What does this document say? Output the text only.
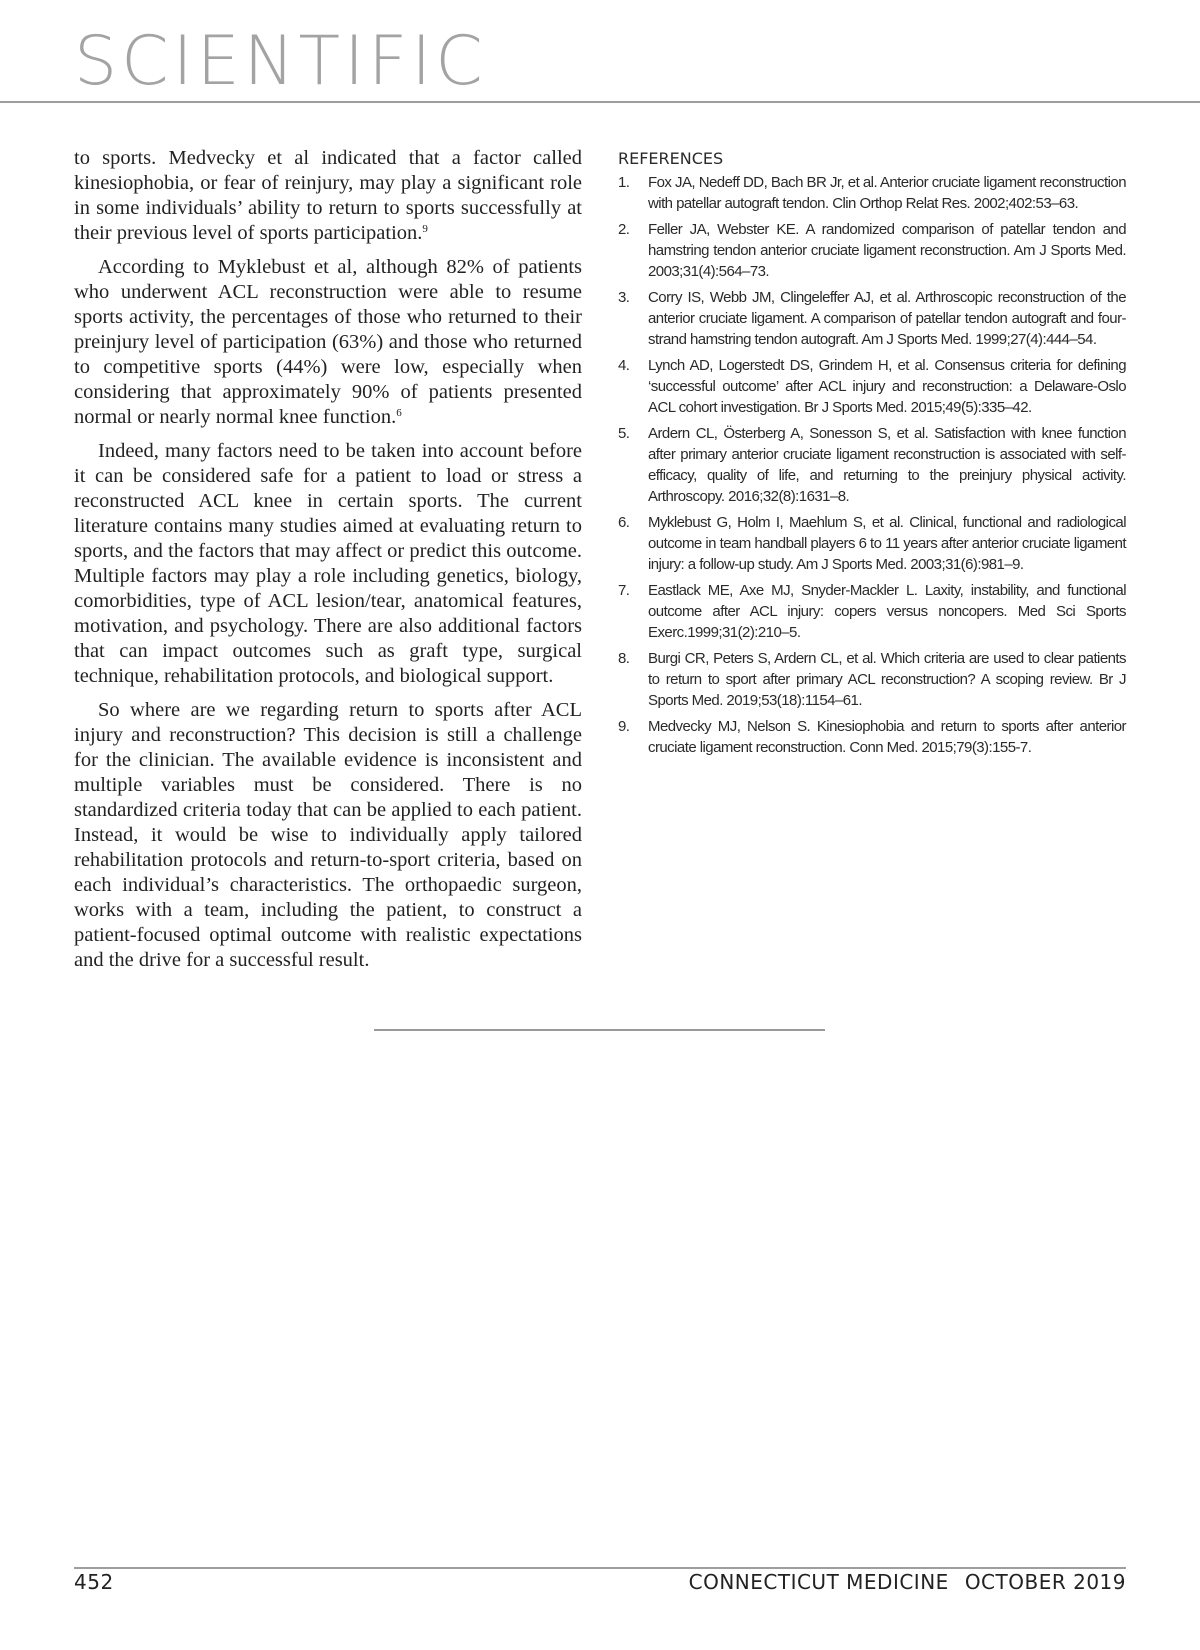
SCIENTIFIC

to sports. Medvecky et al indicated that a factor called kinesiophobia, or fear of reinjury, may play a significant role in some individuals’ ability to return to sports successfully at their previous level of sports participation.$^9$

According to Myklebust et al, although 82% of patients who underwent ACL reconstruction were able to resume sports activity, the percentages of those who returned to their preinjury level of participation (63%) and those who returned to competitive sports (44%) were low, especially when considering that approximately 90% of patients presented normal or nearly normal knee function.$^6$

Indeed, many factors need to be taken into account before it can be considered safe for a patient to load or stress a reconstructed ACL knee in certain sports. The current literature contains many studies aimed at evaluating return to sports, and the factors that may affect or predict this outcome. Multiple factors may play a role including genetics, biology, comorbidities, type of ACL lesion/tear, anatomical features, motivation, and psychology. There are also additional factors that can impact outcomes such as graft type, surgical technique, rehabilitation protocols, and biological support.

So where are we regarding return to sports after ACL injury and reconstruction? This decision is still a challenge for the clinician. The available evidence is inconsistent and multiple variables must be considered. There is no standardized criteria today that can be applied to each patient. Instead, it would be wise to individually apply tailored rehabilitation protocols and return-to-sport criteria, based on each individual’s characteristics. The orthopaedic surgeon, works with a team, including the patient, to construct a patient-focused optimal outcome with realistic expectations and the drive for a successful result.

REFERENCES
1.	Fox JA, Nedeff DD, Bach BR Jr, et al. Anterior cruciate ligament reconstruction with patellar autograft tendon. Clin Orthop Relat Res. 2002;402:53–63.
2.	Feller JA, Webster KE. A randomized comparison of patellar tendon and hamstring tendon anterior cruciate ligament reconstruction. Am J Sports Med. 2003;31(4):564–73.
3.	Corry IS, Webb JM, Clingeleffer AJ, et al. Arthroscopic reconstruction of the anterior cruciate ligament. A comparison of patellar tendon autograft and four-strand hamstring tendon autograft. Am J Sports Med. 1999;27(4):444–54.
4.	Lynch AD, Logerstedt DS, Grindem H, et al. Consensus criteria for defining ‘successful outcome’ after ACL injury and reconstruction: a Delaware-Oslo ACL cohort investigation. Br J Sports Med. 2015;49(5):335–42.
5.	Ardern CL, Österberg A, Sonesson S, et al. Satisfaction with knee function after primary anterior cruciate ligament reconstruction is associated with self-efficacy, quality of life, and returning to the preinjury physical activity. Arthroscopy. 2016;32(8):1631–8.
6.	Myklebust G, Holm I, Maehlum S, et al. Clinical, functional and radiological outcome in team handball players 6 to 11 years after anterior cruciate ligament injury: a follow-up study. Am J Sports Med. 2003;31(6):981–9.
7.	Eastlack ME, Axe MJ, Snyder-Mackler L. Laxity, instability, and functional outcome after ACL injury: copers versus noncopers. Med Sci Sports Exerc.1999;31(2):210–5.
8.	Burgi CR, Peters S, Ardern CL, et al. Which criteria are used to clear patients to return to sport after primary ACL reconstruction? A scoping review. Br J Sports Med. 2019;53(18):1154–61.
9.	Medvecky MJ, Nelson S. Kinesiophobia and return to sports after anterior cruciate ligament reconstruction. Conn Med. 2015;79(3):155-7.
452	CONNECTICUT MEDICINE OCTOBER 2019
